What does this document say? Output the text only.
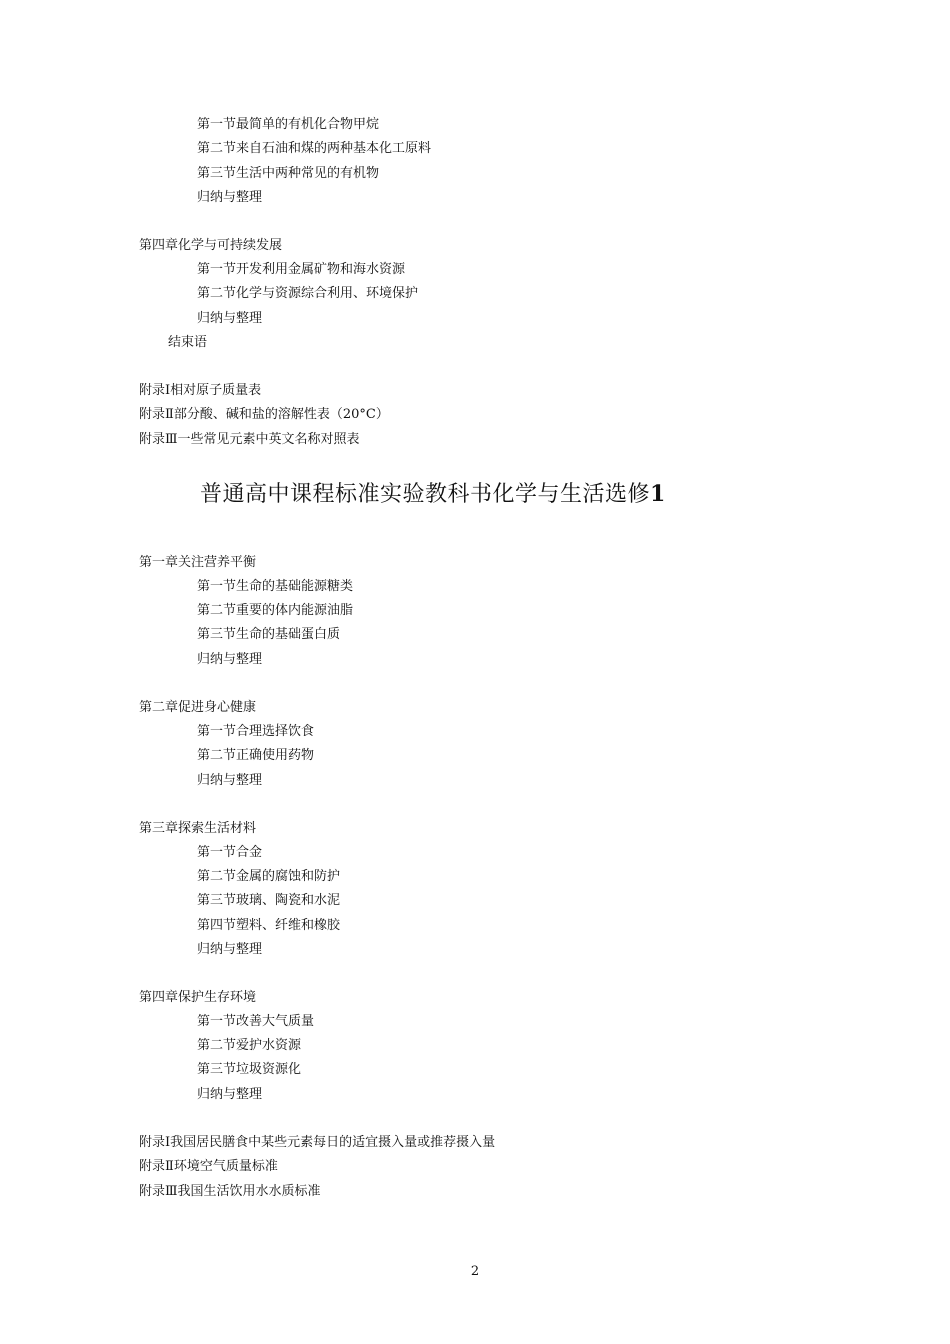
第一节最简单的有机化合物甲烷
第二节来自石油和煤的两种基本化工原料
第三节生活中两种常见的有机物
归纳与整理
第四章化学与可持续发展
第一节开发利用金属矿物和海水资源
第二节化学与资源综合利用、环境保护
归纳与整理
结束语
附录Ⅰ相对原子质量表
附录Ⅱ部分酸、碱和盐的溶解性表（20°C）
附录Ⅲ一些常见元素中英文名称对照表
普通高中课程标准实验教科书化学与生活选修1
第一章关注营养平衡
第一节生命的基础能源糖类
第二节重要的体内能源油脂
第三节生命的基础蛋白质
归纳与整理
第二章促进身心健康
第一节合理选择饮食
第二节正确使用药物
归纳与整理
第三章探索生活材料
第一节合金
第二节金属的腐蚀和防护
第三节玻璃、陶瓷和水泥
第四节塑料、纤维和橡胶
归纳与整理
第四章保护生存环境
第一节改善大气质量
第二节爱护水资源
第三节垃圾资源化
归纳与整理
附录Ⅰ我国居民膳食中某些元素每日的适宜摄入量或推荐摄入量
附录Ⅱ环境空气质量标准
附录Ⅲ我国生活饮用水水质标准
2
